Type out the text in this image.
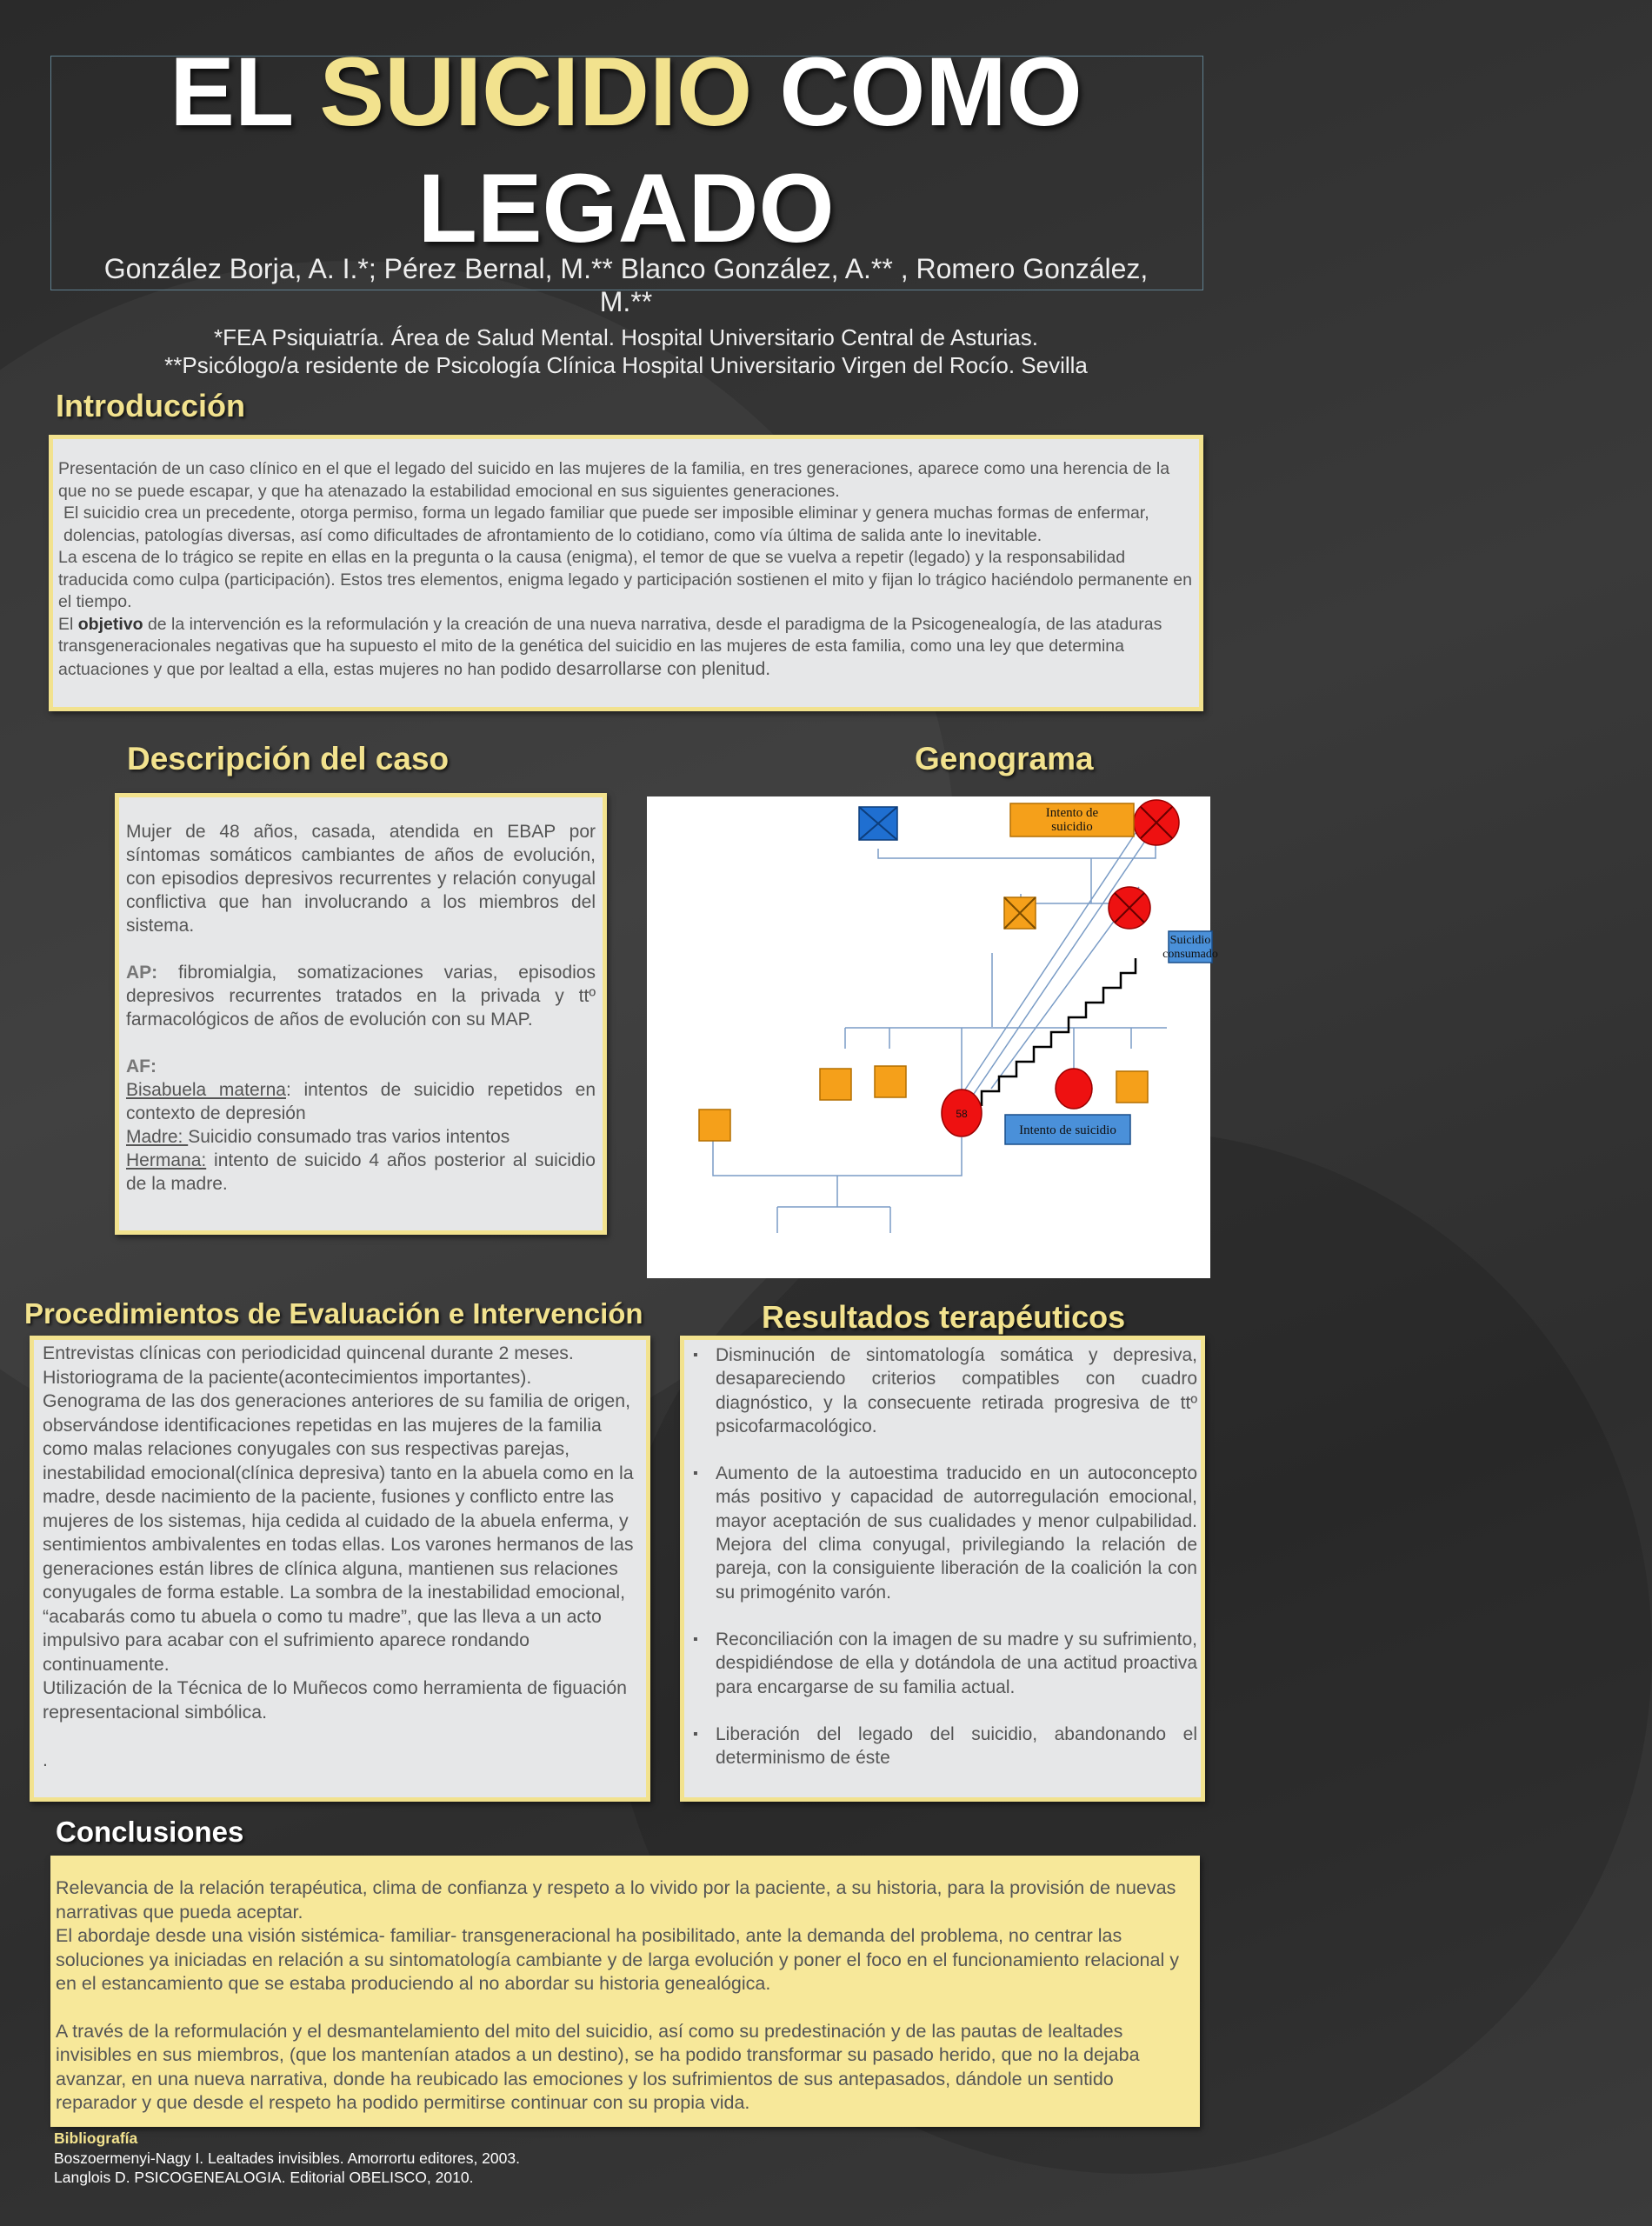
EL SUICIDIO COMO
LEGADO
González Borja, A. I.*; Pérez Bernal, M.** Blanco González, A.** , Romero González, M.**
*FEA Psiquiatría. Área de Salud Mental. Hospital Universitario Central de Asturias.
**Psicólogo/a residente de Psicología Clínica Hospital Universitario Virgen del Rocío. Sevilla
Introducción

Presentación de un caso clínico en el que el legado del suicido en las mujeres de la familia, en tres generaciones, aparece como una herencia de la que no se puede escapar, y que ha atenazado la estabilidad emocional en sus siguientes generaciones.

El suicidio crea un precedente, otorga permiso, forma un legado familiar que puede ser imposible eliminar y genera muchas formas de enfermar, dolencias, patologías diversas, así como dificultades de afrontamiento de lo cotidiano, como vía última de salida ante lo inevitable.

La escena de lo trágico se repite en ellas en la pregunta o la causa (enigma), el temor de que se vuelva a repetir (legado) y la responsabilidad traducida como culpa (participación). Estos tres elementos, enigma legado y participación sostienen el mito y fijan lo trágico haciéndolo permanente en el tiempo.

El objetivo de la intervención es la reformulación y la creación de una nueva narrativa, desde el paradigma de la Psicogenealogía, de las ataduras transgeneracionales negativas que ha supuesto el mito de la genética del suicidio en las mujeres de esta familia, como una ley que determina actuaciones y que por lealtad a ella, estas mujeres no han podido desarrollarse con plenitud.

Descripción del caso

Mujer de 48 años, casada, atendida en EBAP por síntomas somáticos cambiantes de años de evolución, con episodios depresivos recurrentes y relación conyugal conflictiva que han involucrando a los miembros del sistema.

AP: fibromialgia, somatizaciones varias, episodios depresivos recurrentes tratados en la privada y ttº farmacológicos de años de evolución con su MAP.

AF:

Bisabuela materna: intentos de suicidio repetidos en contexto de depresión

Madre: Suicidio consumado tras varios intentos

Hermana: intento de suicido 4 años posterior al suicidio de la madre.

Genograma
Intento de suicidio
Suicidio consumado
58
Intento de suicidio
Procedimientos de Evaluación e Intervención

Entrevistas clínicas con periodicidad quincenal durante 2 meses.

Historiograma de la paciente(acontecimientos importantes).

Genograma de las dos generaciones anteriores de su familia de origen, observándose identificaciones repetidas en las mujeres de la familia como malas relaciones conyugales con sus respectivas parejas, inestabilidad emocional(clínica depresiva) tanto en la abuela como en la madre, desde nacimiento de la paciente, fusiones y conflicto entre las mujeres de los sistemas, hija cedida al cuidado de la abuela enferma, y sentimientos ambivalentes en todas ellas. Los varones hermanos de las generaciones están libres de clínica alguna, mantienen sus relaciones conyugales de forma estable. La sombra de la inestabilidad emocional, “acabarás como tu abuela o como tu madre”, que las lleva a un acto impulsivo para acabar con el sufrimiento aparece rondando continuamente.

Utilización de la Técnica de lo Muñecos como herramienta de figuación representacional simbólica.

.

Resultados terapéuticos
▪ Disminución de sintomatología somática y depresiva, desapareciendo criterios compatibles con cuadro diagnóstico, y la consecuente retirada progresiva de ttº psicofarmacológico.
▪ Aumento de la autoestima traducido en un autoconcepto más positivo y capacidad de autorregulación emocional, mayor aceptación de sus cualidades y menor culpabilidad. Mejora del clima conyugal, privilegiando la relación de pareja, con la consiguiente liberación de la coalición la con su primogénito varón.
▪ Reconciliación con la imagen de su madre y su sufrimiento, despidiéndose de ella y dotándola de una actitud proactiva para encargarse de su familia actual.
▪ Liberación del legado del suicidio, abandonando el determinismo de éste
Conclusiones

Relevancia de la relación terapéutica, clima de confianza y respeto a lo vivido por la paciente, a su historia, para la provisión de nuevas narrativas que pueda aceptar.

El abordaje desde una visión sistémica- familiar- transgeneracional ha posibilitado, ante la demanda del problema, no centrar las soluciones ya iniciadas en relación a su sintomatología cambiante y de larga evolución y poner el foco en el funcionamiento relacional y en el estancamiento que se estaba produciendo al no abordar su historia genealógica.

A través de la reformulación y el desmantelamiento del mito del suicidio, así como su predestinación y de las pautas de lealtades invisibles en sus miembros, (que los mantenían atados a un destino), se ha podido transformar su pasado herido, que no la dejaba avanzar, en una nueva narrativa, donde ha reubicado las emociones y los sufrimientos de sus antepasados, dándole un sentido reparador y que desde el respeto ha podido permitirse continuar con su propia vida.

Bibliografía
Boszoermenyi-Nagy I. Lealtades invisibles. Amorrortu editores, 2003.
Langlois D. PSICOGENEALOGIA. Editorial OBELISCO, 2010.
